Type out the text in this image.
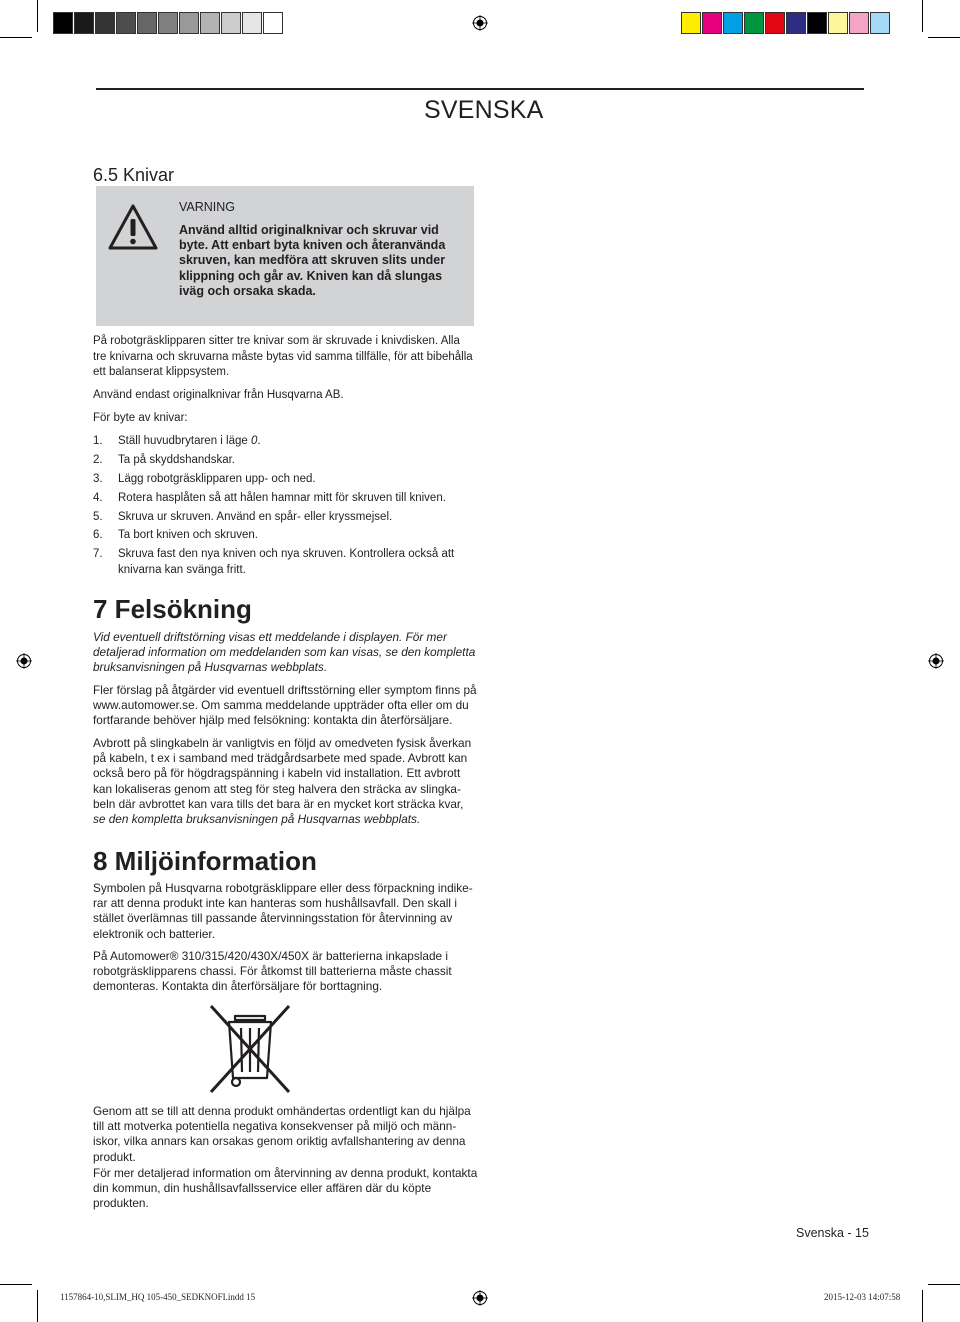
SVENSKA
6.5 Knivar
VARNING
Använd alltid originalknivar och skruvar vid byte. Att enbart byta kniven och återanvända skruven, kan medföra att skruven slits under klippning och går av. Kniven kan då slungas iväg och orsaka skada.
På robotgräsklipparen sitter tre knivar som är skruvade i knivdisken. Alla tre knivarna och skruvarna måste bytas vid samma tillfälle, för att bibehålla ett balanserat klippsystem.
Använd endast originalknivar från Husqvarna AB.
För byte av knivar:
1.	Ställ huvudbrytaren i läge 0.
2.	Ta på skyddshandskar.
3.	Lägg robotgräsklipparen upp- och ned.
4.	Rotera hasplåten så att hålen hamnar mitt för skruven till kniven.
5.	Skruva ur skruven. Använd en spår- eller kryssmejsel.
6.	Ta bort kniven och skruven.
7.	Skruva fast den nya kniven och nya skruven. Kontrollera också att knivarna kan svänga fritt.
7 Felsökning
Vid eventuell driftstörning visas ett meddelande i displayen. För mer detaljerad information om meddelanden som kan visas, se den kompletta bruksanvisningen på Husqvarnas webbplats.
Fler förslag på åtgärder vid eventuell driftsstörning eller symptom finns på www.automower.se. Om samma meddelande uppträder ofta eller om du fortfarande behöver hjälp med felsökning: kontakta din återförsäljare.
Avbrott på slingkabeln är vanligtvis en följd av omedveten fysisk åverkan på kabeln, t ex i samband med trädgårdsarbete med spade. Avbrott kan också bero på för högdragspänning i kabeln vid installation. Ett avbrott kan lokaliseras genom att steg för steg halvera den sträcka av slingkabeln där avbrottet kan vara tills det bara är en mycket kort sträcka kvar, se den kompletta bruksanvisningen på Husqvarnas webbplats.
8 Miljöinformation
Symbolen på Husqvarna robotgräsklippare eller dess förpackning indikerar att denna produkt inte kan hanteras som hushållsavfall. Den skall i stället överlämnas till passande återvinningsstation för återvinning av elektronik och batterier.
På Automower® 310/315/420/430X/450X är batterierna inkapslade i robotgräsklipparens chassi. För åtkomst till batterierna måste chassit demonteras. Kontakta din återförsäljare för borttagning.
Genom att se till att denna produkt omhändertas ordentligt kan du hjälpa till att motverka potentiella negativa konsekvenser på miljö och människor, vilka annars kan orsakas genom oriktig avfallshantering av denna produkt.
För mer detaljerad information om återvinning av denna produkt, kontakta din kommun, din hushållsavfallsservice eller affären där du köpte produkten.
Svenska - 15
1157864-10,SLIM_HQ 105-450_SEDKNOFI.indd 15	2015-12-03 14:07:58
